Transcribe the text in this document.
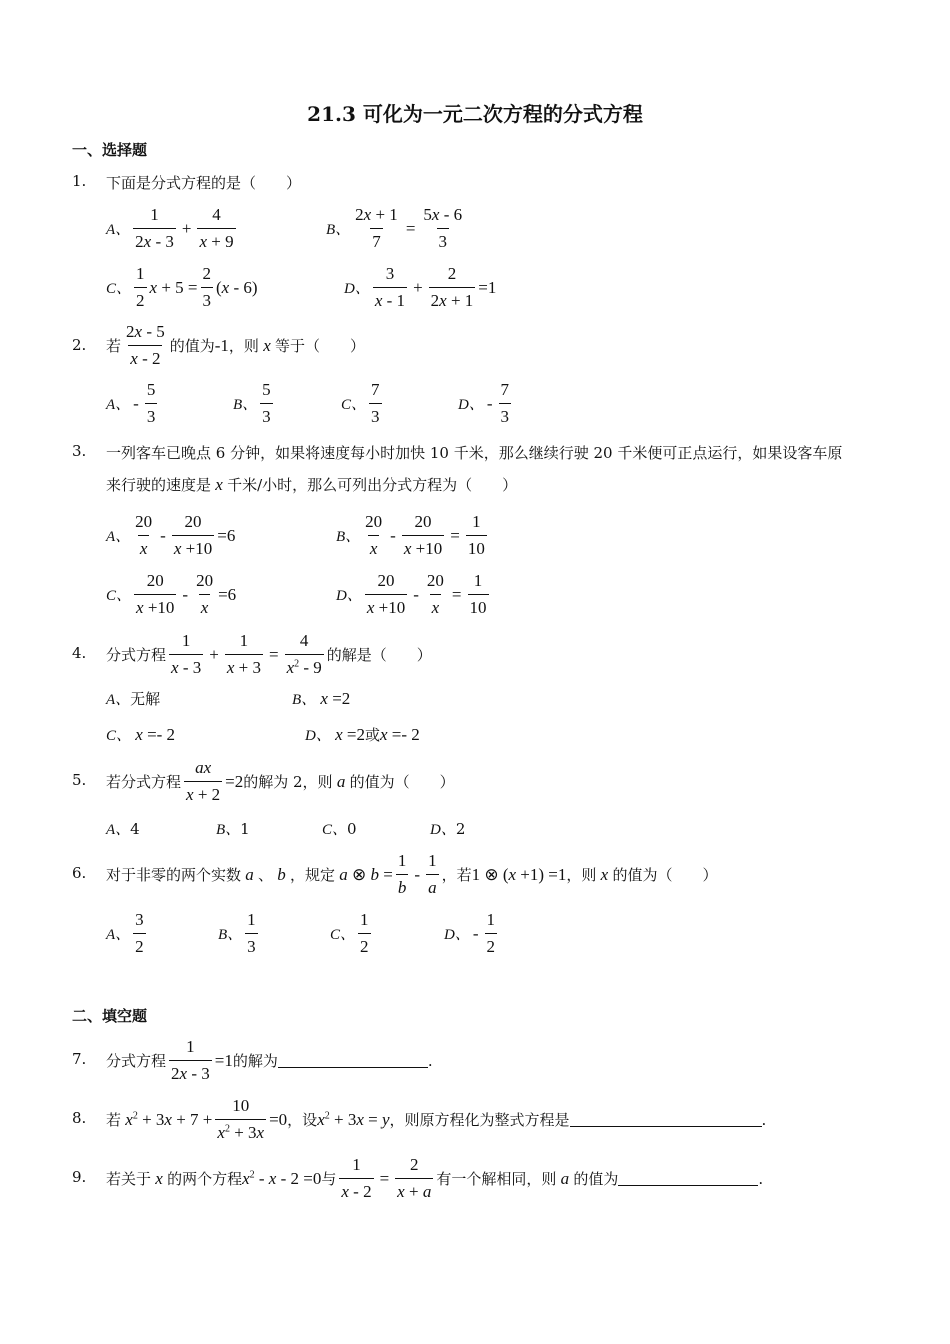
21.3 可化为一元二次方程的分式方程
一、选择题
1. 下面是分式方程的是（　　）
A、 $\frac{1}{2x - 3} + \frac{4}{x + 9}$	B、 $\frac{2x + 1}{7} = \frac{5x - 6}{3}$
C、 $\frac{1}{2}$ $x + 5 = \frac{2}{3} (x - 6)$	D、 $\frac{3}{x - 1} + \frac{2}{2x + 1} =1$
2. 若 $\frac{2x - 5}{x - 2}$ 的值为 -1 ，则 x 等于（　　）
A、 - $\frac{5}{3}$	B、 $\frac{5}{3}$	C、 $\frac{7}{3}$	D、 - $\frac{7}{3}$
3. 一列客车已晚点 6 分钟，如果将速度每小时加快 10 千米，那么继续行驶 20 千米便可正点运行，如果设客车原
来行驶的速度是 x 千米/小时，那么可列出分式方程为（　　）
A、 $\frac{20}{x} - \frac{20}{x +10} =6$	B、 $\frac{20}{x} - \frac{20}{x +10} = \frac{1}{10}$
C、 $\frac{20}{x +10} - \frac{20}{x} =6$	D、 $\frac{20}{x +10} - \frac{20}{x} = \frac{1}{10}$
4. 分式方程 $\frac{1}{x - 3} + \frac{1}{x + 3} = \frac{4}{x^2 - 9}$ 的解是（　　）
A、 无解	B、 x =2
C、 x =- 2	D、 x =2 或 x =- 2
5. 若分式方程 $\frac{ax}{x + 2} =2$ 的解为 2，则 a 的值为（　　）
A、 4	B、 1	C、 0	D、 2
6. 对于非零的两个实数 a 、 b ，规定 a ⊗ $b = \frac{1}{b} - \frac{1}{a}$ ，若 1 ⊗ (x +1) =1 ，则 x 的值为（　　）
A、 $\frac{3}{2}$	B、 $\frac{1}{3}$	C、 $\frac{1}{2}$	D、 - $\frac{1}{2}$
二、填空题
7. 分式方程 $\frac{1}{2x - 3} =1$ 的解为	.
8. 若 $x^2 + 3x + 7 + \frac{10}{x^2 + 3x} =0$ ，设 $x^2 + 3x = y$ ，则原方程化为整式方程是	.
9. 若关于 x 的两个方程 $x^2 - x - 2 =0$ 与 $\frac{1}{x - 2} = \frac{2}{x + a}$ 有一个解相同，则 a 的值为	.
